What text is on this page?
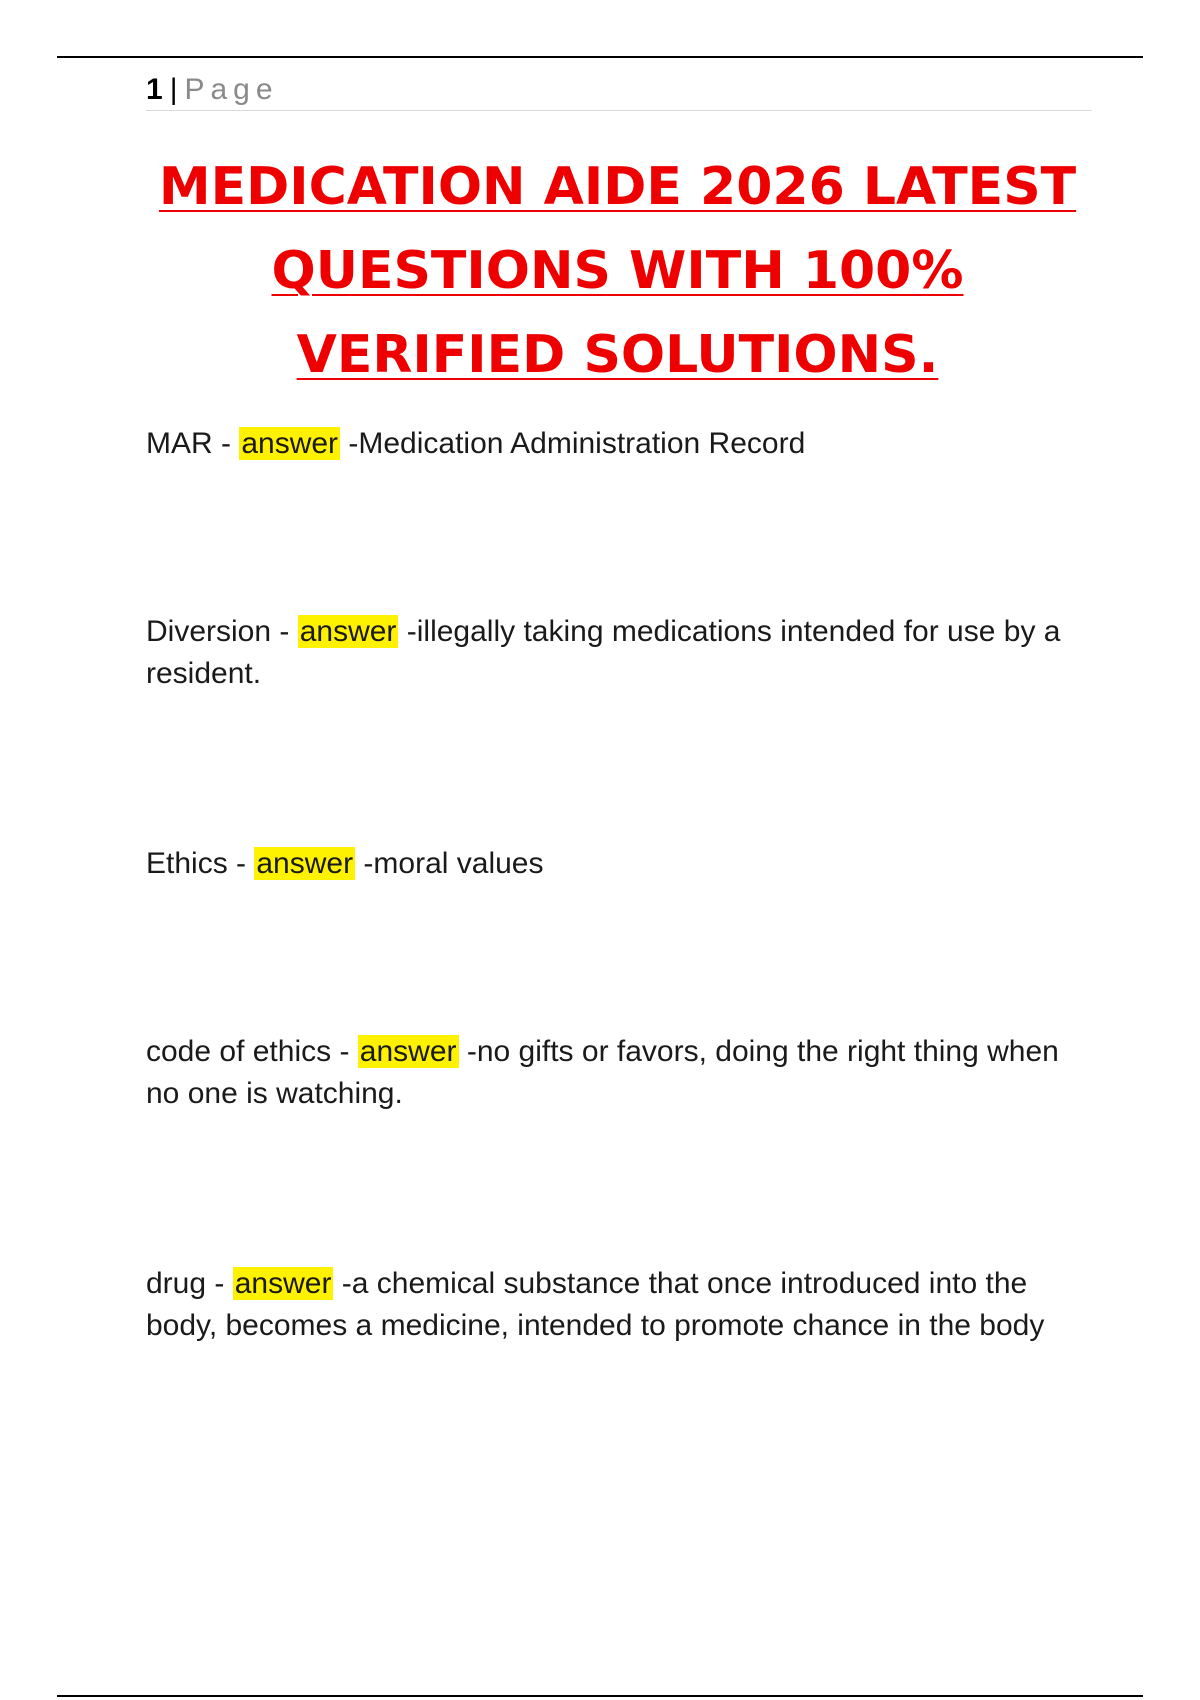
1 | Page
MEDICATION AIDE 2026 LATEST
QUESTIONS WITH 100%
VERIFIED SOLUTIONS.
MAR - answer -Medication Administration Record
Diversion - answer -illegally taking medications intended for use by a resident.
Ethics - answer -moral values
code of ethics - answer -no gifts or favors, doing the right thing when no one is watching.
drug - answer -a chemical substance that once introduced into the body, becomes a medicine, intended to promote chance in the body
